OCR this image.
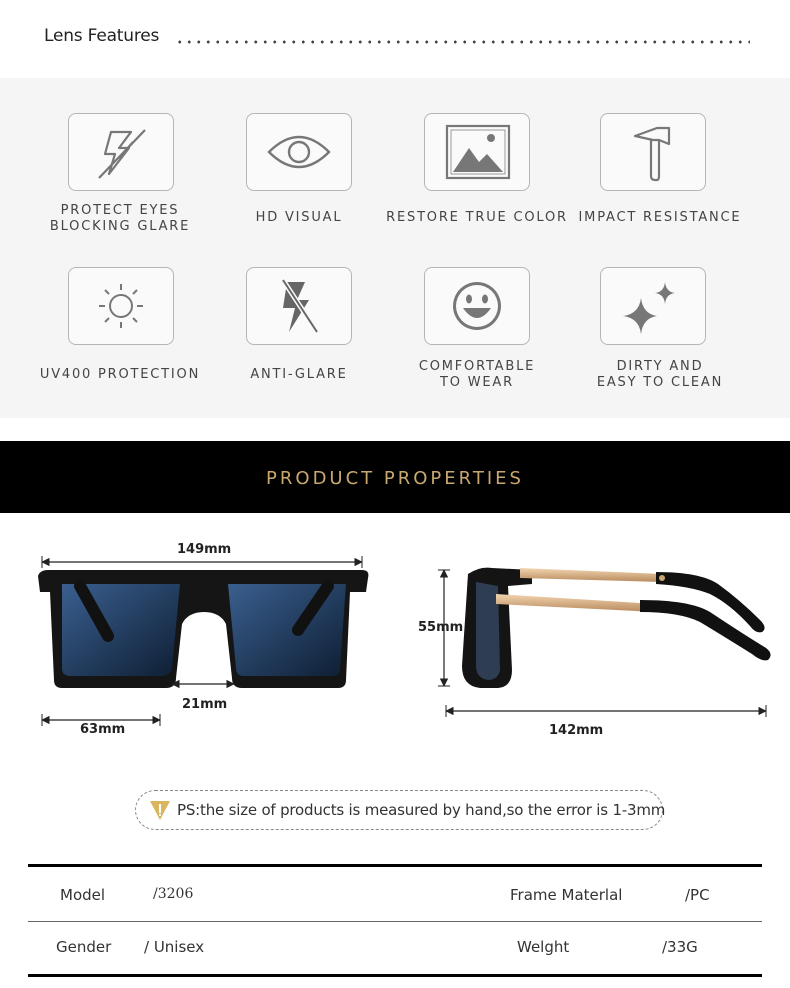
Lens Features
PROTECT EYES
BLOCKING GLARE
HD VISUAL	RESTORE TRUE COLOR IMPACT RESISTANCE
UV400 PROTECTION	ANTI-GLARE
COMFORTABLE
TO WEAR
DIRTY AND
EASY TO CLEAN
PRODUCT PROPERTIES
149mm
21mm
63mm
55mm
142mm
PS:the size of products is measured by hand,so the error is 1-3mm
Model	/3206	Frame Materlal	/PC
Gender / Unisex	Welght	/33G
